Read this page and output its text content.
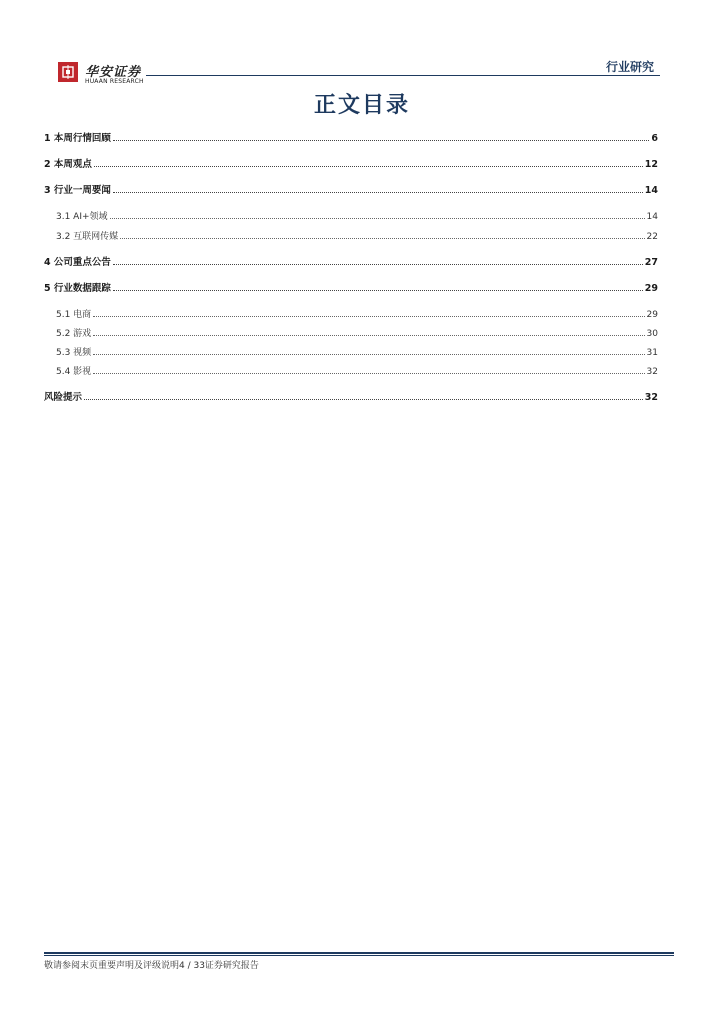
华安证券
HUAAN RESEARCH
行业研究
正文目录
1 本周行情回顾	6
2 本周观点	12
3 行业一周要闻	14
3.1 AI+领域	14
3.2 互联网传媒	22
4 公司重点公告	27
5 行业数据跟踪	29
5.1 电商	29
5.2 游戏	30
5.3 视频	31
5.4 影视	32
风险提示	32
敬请参阅末页重要声明及评级说明4 / 33证券研究报告
